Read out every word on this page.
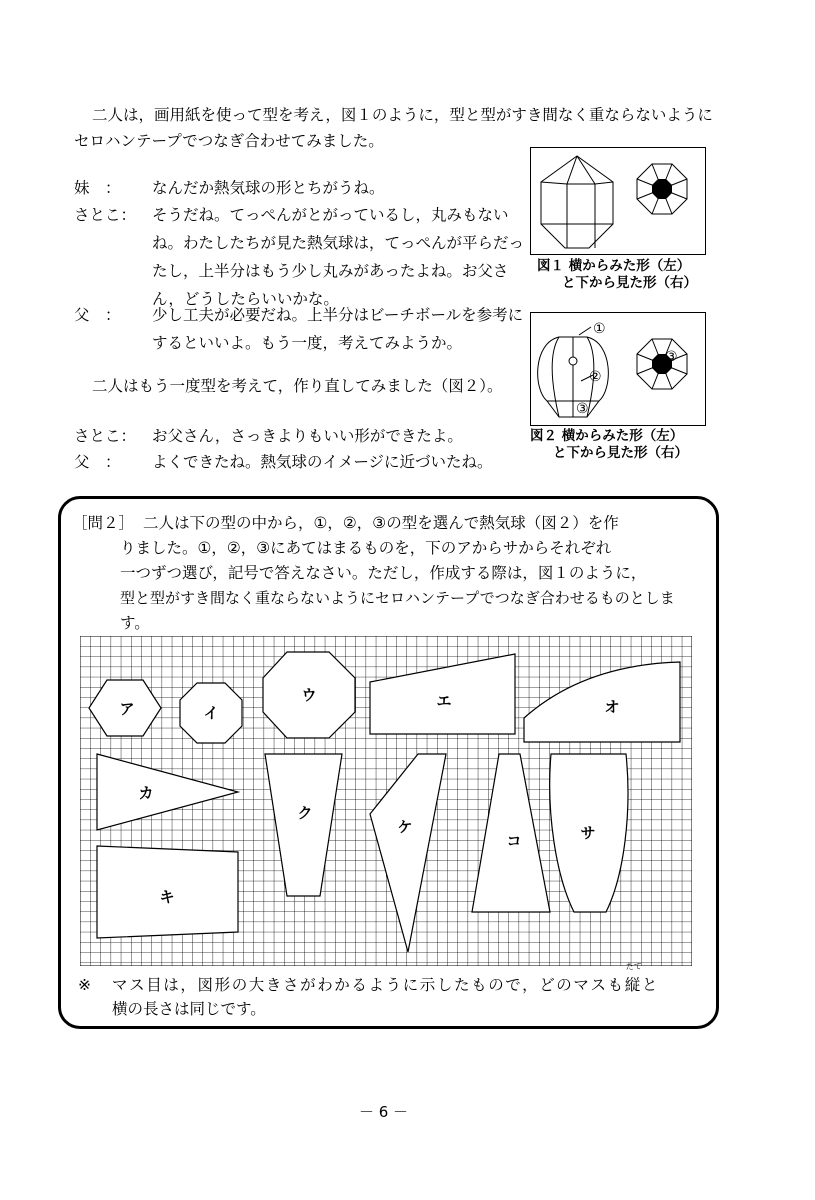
二人は，画用紙を使って型を考え，図１のように，型と型がすき間なく重ならないように
セロハンテープでつなぎ合わせてみました。
妹　：	なんだか熱気球の形とちがうね。
さとこ：	そうだね。てっぺんがとがっているし，丸みもないね。わたしたちが見た熱気球は，てっぺんが平らだったし，上半分はもう少し丸みがあったよね。お父さん，どうしたらいいかな。
父　：	少し工夫が必要だね。上半分はビーチボールを参考にするといいよ。もう一度，考えてみようか。
二人はもう一度型を考えて，作り直してみました（図２）。
さとこ：	お父さん，さっきよりもいい形ができたよ。
父　：	よくできたね。熱気球のイメージに近づいたね。
図１ 横からみた形（左）
と下から見た形（右）
①
②
③
③
図２ 横からみた形（左）
と下から見た形（右）
［問２］ 二人は下の型の中から，①，②，③の型を選んで熱気球（図２）を作
りました。①，②，③にあてはまるものを，下のアからサからそれぞれ
一つずつ選び，記号で答えなさい。ただし，作成する際は，図１のように，
型と型がすき間なく重ならないようにセロハンテープでつなぎ合わせるものとしま
す。
ア	イ
ウ	エ	オ
カ
キ
ク
ケ
コ	サ
※ マス目は，図形の大きさがわかるように示したもので，どのマスも
たて
縦と
横の長さは同じです。
－ 6 －
